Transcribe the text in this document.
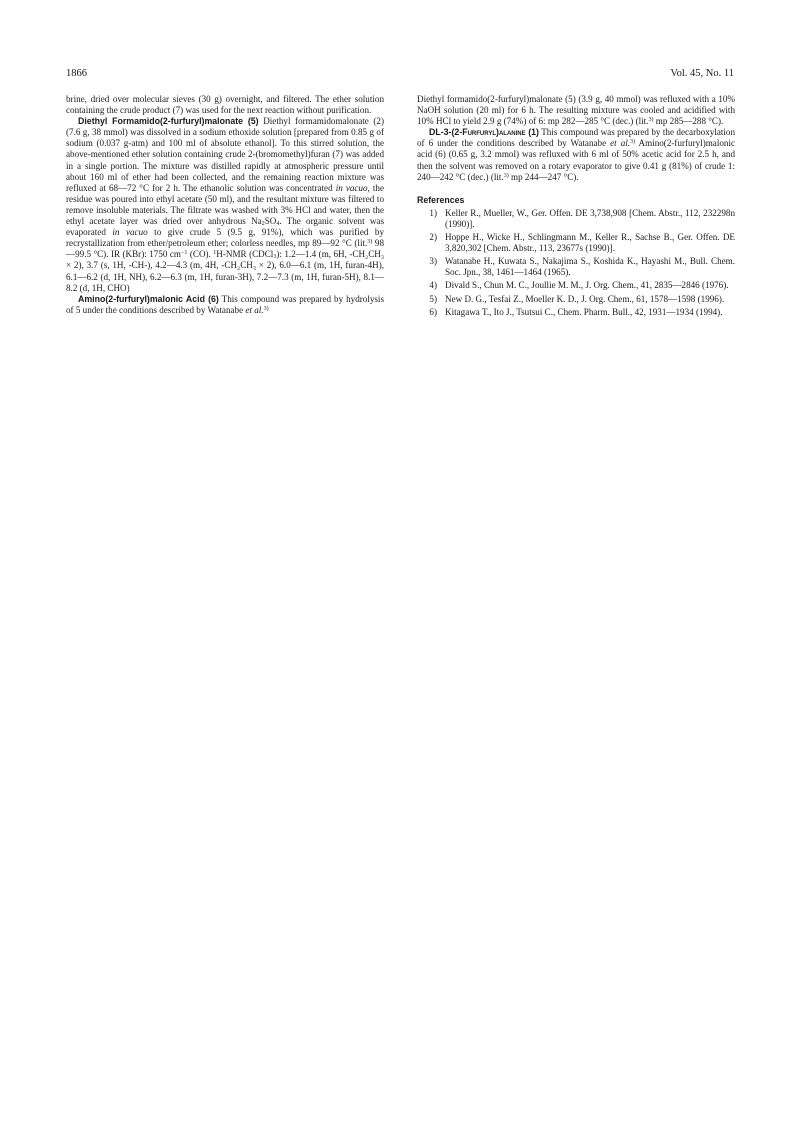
1866	Vol. 45, No. 11

brine, dried over molecular sieves (30 g) overnight, and filtered. The ether solution containing the crude product (7) was used for the next reaction without purification.

Diethyl Formamido(2-furfuryl)malonate (5) Diethyl formamidomalonate (2) (7.6 g, 38 mmol) was dissolved in a sodium ethoxide solution [prepared from 0.85 g of sodium (0.037 g-atm) and 100 ml of absolute ethanol]. To this stirred solution, the above-mentioned ether solution containing crude 2-(bromomethyl)furan (7) was added in a single portion. The mixture was distilled rapidly at atmospheric pressure until about 160 ml of ether had been collected, and the remaining reaction mixture was refluxed at 68—72 °C for 2 h. The ethanolic solution was concentrated in vacuo, the residue was poured into ethyl acetate (50 ml), and the resultant mixture was filtered to remove insoluble materials. The filtrate was washed with 3% HCl and water, then the ethyl acetate layer was dried over anhydrous $Na_2SO_4$. The organic solvent was evaporated in vacuo to give crude 5 (9.5 g, 91%), which was purified by recrystallization from ether/petroleum ether; colorless needles, mp 89—92 °C (lit.$^{3)}$ 98—99.5 °C). IR (KBr): 1750 $cm^{-1}$ (CO). $^1$H-NMR (CDCl$_3$): 1.2—1.4 (m, 6H, -CH₂CH₃ × 2), 3.7 (s, 1H, -CH-), 4.2—4.3 (m, 4H, -CH₂CH₃ × 2), 6.0—6.1 (m, 1H, furan-4H), 6.1—6.2 (d, 1H, NH), 6.2—6.3 (m, 1H, furan-3H), 7.2—7.3 (m, 1H, furan-5H), 8.1—8.2 (d, 1H, CHO)

Amino(2-furfuryl)malonic Acid (6) This compound was prepared by hydrolysis of 5 under the conditions described by Watanabe et al.$^{3)}$

Diethyl formamido(2-furfuryl)malonate (5) (3.9 g, 40 mmol) was refluxed with a 10% NaOH solution (20 ml) for 6 h. The resulting mixture was cooled and acidified with 10% HCl to yield 2.9 g (74%) of 6: mp 282—285 °C (dec.) (lit.$^{3)}$ mp 285—288 °C).

DL-3-(2-Furfuryl)alanine (1) This compound was prepared by the decarboxylation of 6 under the conditions described by Watanabe et al.$^{3)}$ Amino(2-furfuryl)malonic acid (6) (0.65 g, 3.2 mmol) was refluxed with 6 ml of 50% acetic acid for 2.5 h, and then the solvent was removed on a rotary evaporator to give 0.41 g (81%) of crude 1: 240—242 °C (dec.) (lit.$^{3)}$ mp 244—247 °C).

References
1) Keller R., Mueller, W., Ger. Offen. DE 3,738,908 [Chem. Abstr., 112, 232298n (1990)].
2) Hoppe H., Wicke H., Schlingmann M., Keller R., Sachse B., Ger. Offen. DE 3,820,302 [Chem. Abstr., 113, 23677s (1990)].
3) Watanabe H., Kuwata S., Nakajima S., Koshida K., Hayashi M., Bull. Chem. Soc. Jpn., 38, 1461—1464 (1965).
4) Divald S., Chun M. C., Joullie M. M., J. Org. Chem., 41, 2835—2846 (1976).
5) New D. G., Tesfai Z., Moeller K. D., J. Org. Chem., 61, 1578—1598 (1996).
6) Kitagawa T., Ito J., Tsutsui C., Chem. Pharm. Bull., 42, 1931—1934 (1994).
